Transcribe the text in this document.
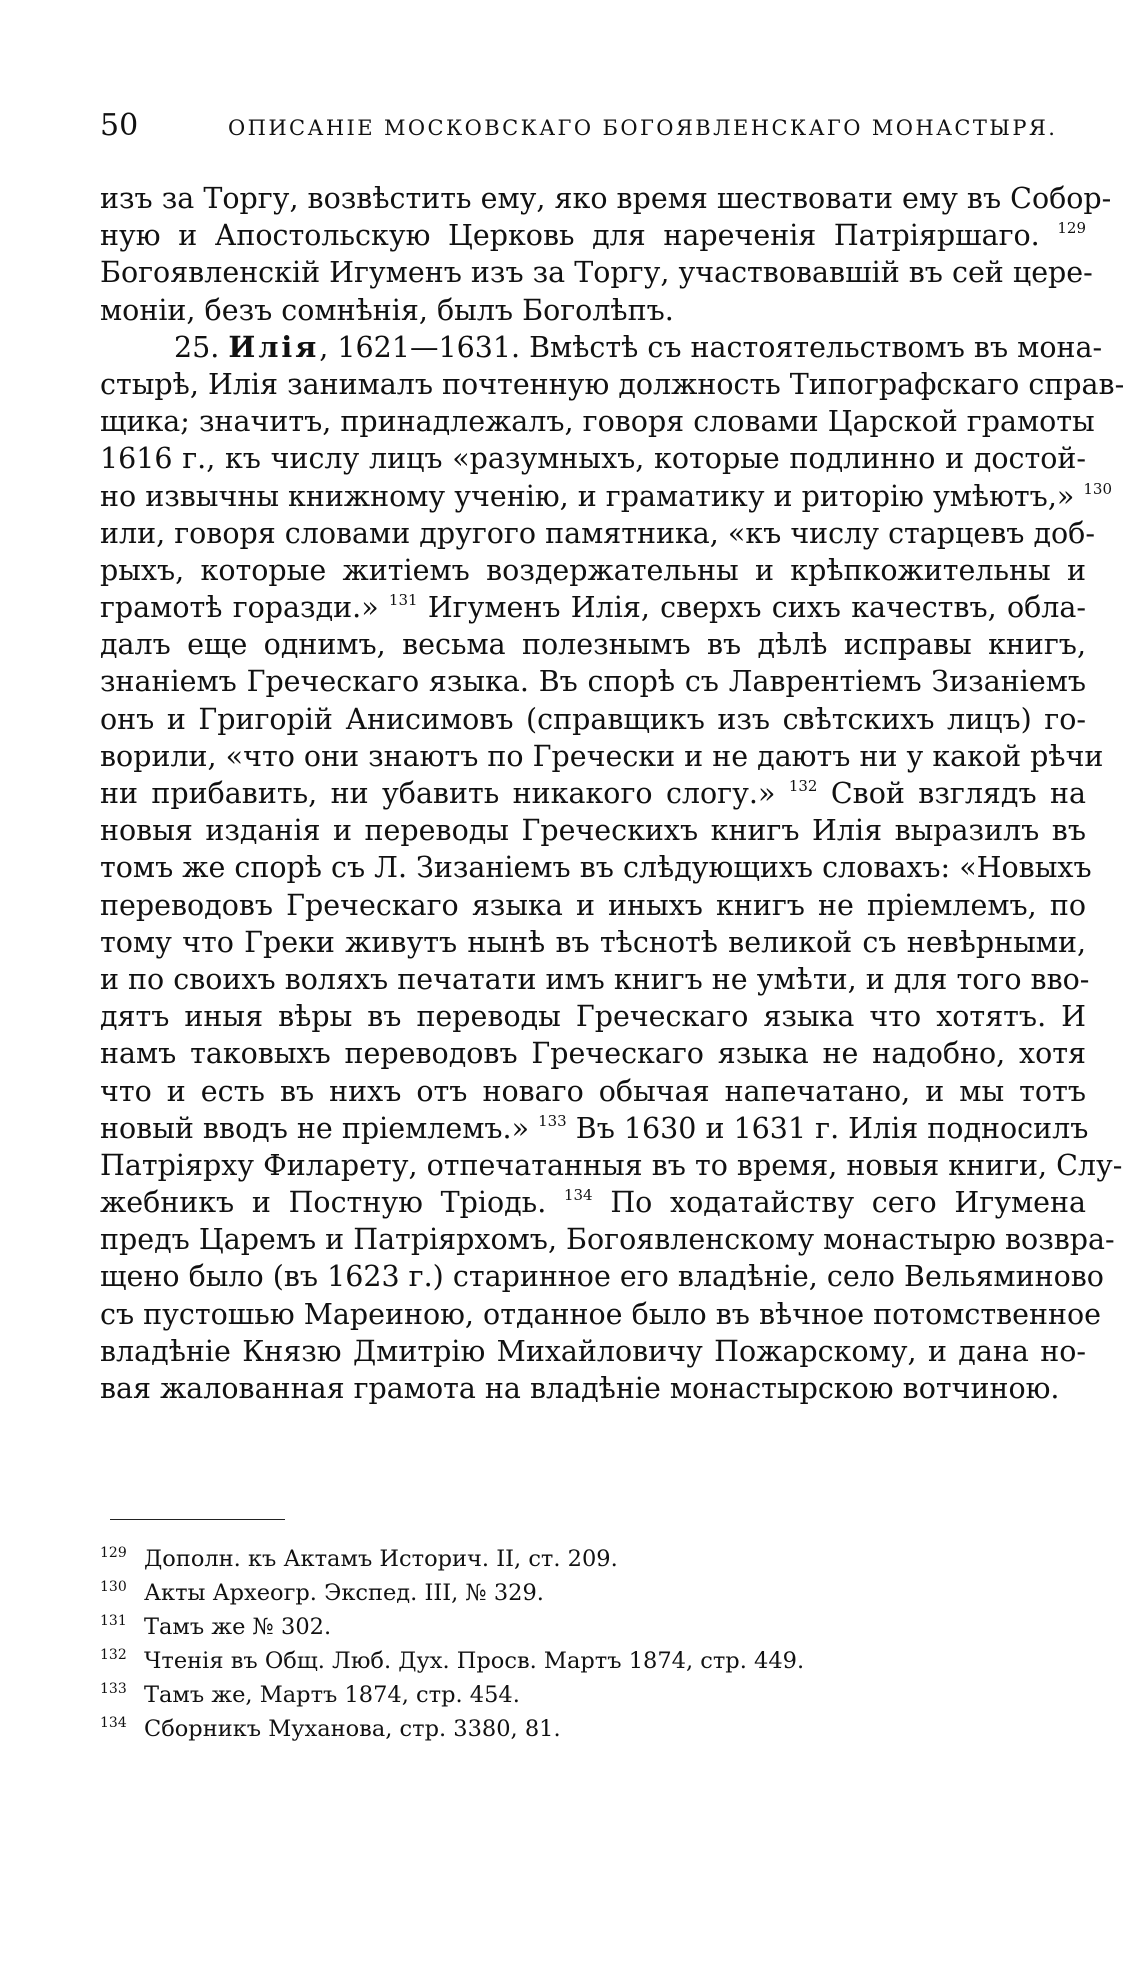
50	ОПИСАНІЕ МОСКОВСКАГО БОГОЯВЛЕНСКАГО МОНАСТЫРЯ.
изъ за Торгу, возвѣстить ему, яко время шествовати ему въ Собор-
ную и Апостольскую Церковь для нареченія Патріяршаго. $^{129}$
Богоявленскій Игуменъ изъ за Торгу, участвовавшій въ сей цере-
моніи, безъ сомнѣнія, былъ Боголѣпъ.
25. Илія, 1621—1631. Вмѣстѣ съ настоятельствомъ въ мона-
стырѣ, Илія занималъ почтенную должность Типографскаго справ-
щика; значитъ, принадлежалъ, говоря словами Царской грамоты
1616 г., къ числу лицъ «разумныхъ, которые подлинно и достой-
но извычны книжному ученію, и граматику и риторію умѣютъ,» $^{130}$
или, говоря словами другого памятника, «къ числу старцевъ доб-
рыхъ, которые житіемъ воздержательны и крѣпкожительны и
грамотѣ горазди.» $^{131}$ Игуменъ Илія, сверхъ сихъ качествъ, обла-
далъ еще однимъ, весьма полезнымъ въ дѣлѣ исправы книгъ,
знаніемъ Греческаго языка. Въ спорѣ съ Лаврентіемъ Зизаніемъ
онъ и Григорій Анисимовъ (справщикъ изъ свѣтскихъ лицъ) го-
ворили, «что они знаютъ по Гречески и не даютъ ни у какой рѣчи
ни прибавить, ни убавить никакого слогу.» $^{132}$ Свой взглядъ на
новыя изданія и переводы Греческихъ книгъ Илія выразилъ въ
томъ же спорѣ съ Л. Зизаніемъ въ слѣдующихъ словахъ: «Новыхъ
переводовъ Греческаго языка и иныхъ книгъ не пріемлемъ, по
тому что Греки живутъ нынѣ въ тѣснотѣ великой съ невѣрными,
и по своихъ воляхъ печатати имъ книгъ не умѣти, и для того вво-
дятъ иныя вѣры въ переводы Греческаго языка что хотятъ. И
намъ таковыхъ переводовъ Греческаго языка не надобно, хотя
что и есть въ нихъ отъ новаго обычая напечатано, и мы тотъ
новый вводъ не пріемлемъ.» $^{133}$ Въ 1630 и 1631 г. Илія подносилъ
Патріярху Филарету, отпечатанныя въ то время, новыя книги, Слу-
жебникъ и Постную Тріодь. $^{134}$ По ходатайству сего Игумена
предъ Царемъ и Патріярхомъ, Богоявленскому монастырю возвра-
щено было (въ 1623 г.) старинное его владѣніе, село Вельяминово
съ пустошью Мареиною, отданное было въ вѣчное потомственное
владѣніе Князю Дмитрію Михайловичу Пожарскому, и дана но-
вая жалованная грамота на владѣніе монастырскою вотчиною.
129 Дополн. къ Актамъ Историч. II, ст. 209.
130 Акты Археогр. Экспед. III, № 329.
131 Тамъ же № 302.
132 Чтенія въ Общ. Люб. Дух. Просв. Мартъ 1874, стр. 449.
133 Тамъ же, Мартъ 1874, стр. 454.
134 Сборникъ Муханова, стр. 3380, 81.
